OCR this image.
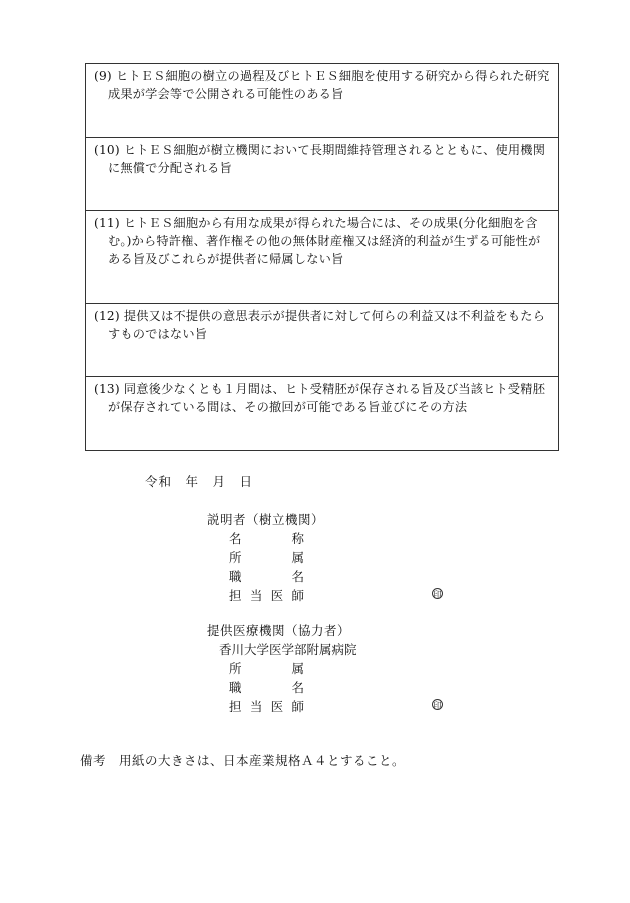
(9) ヒトＥＳ細胞の樹立の過程及びヒトＥＳ細胞を使用する研究から得られた研究成果が学会等で公開される可能性のある旨

(10) ヒトＥＳ細胞が樹立機関において長期間維持管理されるとともに、使用機関に無償で分配される旨

(11) ヒトＥＳ細胞から有用な成果が得られた場合には、その成果(分化細胞を含む。)から特許権、著作権その他の無体財産権又は経済的利益が生ずる可能性がある旨及びこれらが提供者に帰属しない旨

(12) 提供又は不提供の意思表示が提供者に対して何らの利益又は不利益をもたらすものではない旨

(13) 同意後少なくとも１月間は、ヒト受精胚が保存される旨及び当該ヒト受精胚が保存されている間は、その撤回が可能である旨並びにその方法

令和　年　月　日
説明者（樹立機関）
名	称
所	属
職	名
担 当 医 師	印
提供医療機関（協力者）
香川大学医学部附属病院
所	属
職	名
担 当 医 師	印
備考　用紙の大きさは、日本産業規格Ａ４とすること。
